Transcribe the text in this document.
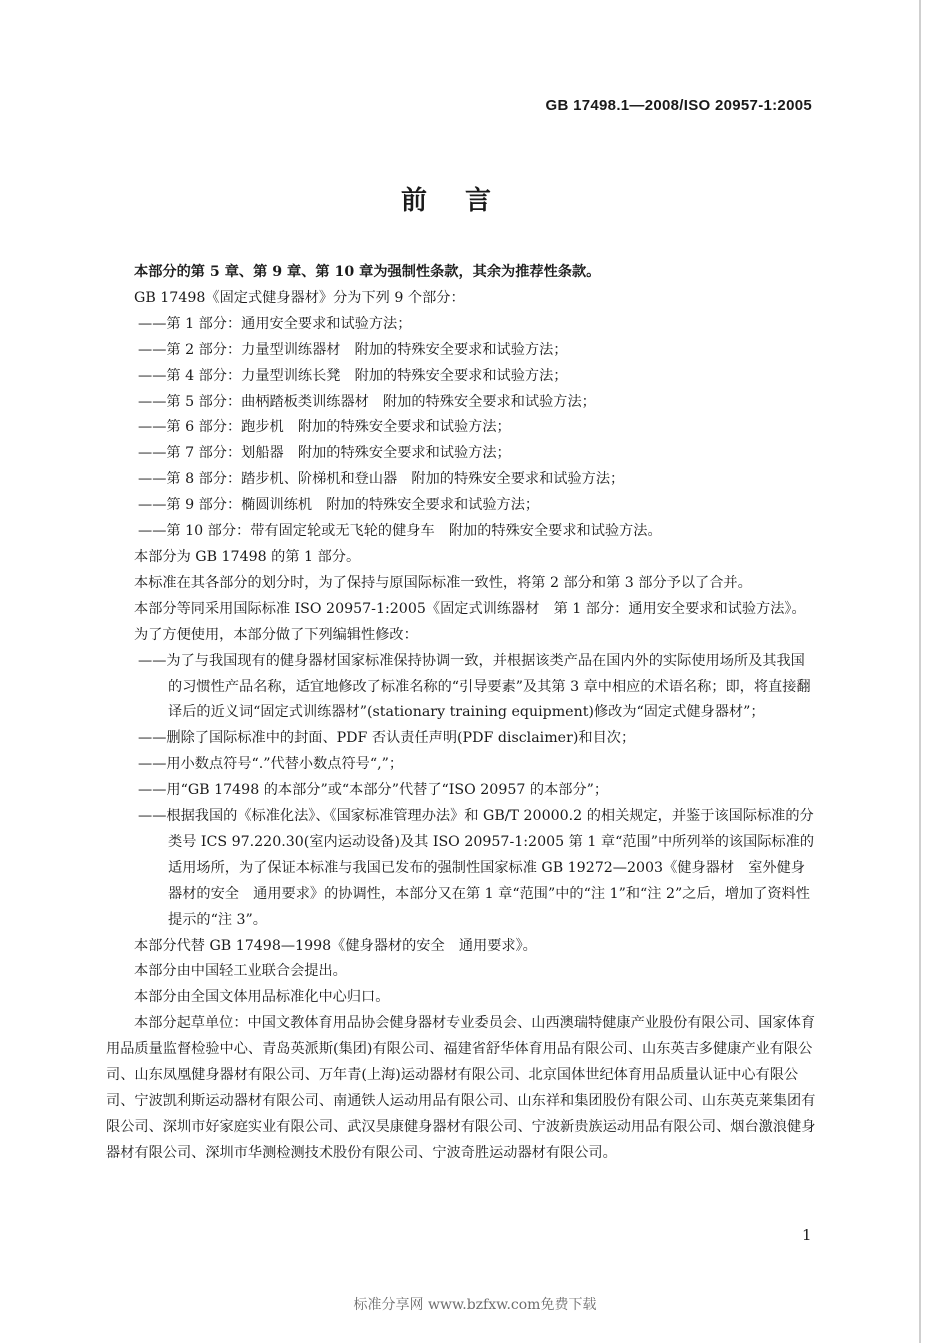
GB 17498.1—2008/ISO 20957-1:2005
前言

本部分的第 5 章、第 9 章、第 10 章为强制性条款，其余为推荐性条款。

GB 17498《固定式健身器材》分为下列 9 个部分：

——第 1 部分：通用安全要求和试验方法；

——第 2 部分：力量型训练器材　附加的特殊安全要求和试验方法；

——第 4 部分：力量型训练长凳　附加的特殊安全要求和试验方法；

——第 5 部分：曲柄踏板类训练器材　附加的特殊安全要求和试验方法；

——第 6 部分：跑步机　附加的特殊安全要求和试验方法；

——第 7 部分：划船器　附加的特殊安全要求和试验方法；

——第 8 部分：踏步机、阶梯机和登山器　附加的特殊安全要求和试验方法；

——第 9 部分：椭圆训练机　附加的特殊安全要求和试验方法；

——第 10 部分：带有固定轮或无飞轮的健身车　附加的特殊安全要求和试验方法。

本部分为 GB 17498 的第 1 部分。

本标准在其各部分的划分时，为了保持与原国际标准一致性，将第 2 部分和第 3 部分予以了合并。

本部分等同采用国际标准 ISO 20957-1:2005《固定式训练器材　第 1 部分：通用安全要求和试验方法》。

为了方便使用，本部分做了下列编辑性修改：

——为了与我国现有的健身器材国家标准保持协调一致，并根据该类产品在国内外的实际使用场所及其我国的习惯性产品名称，适宜地修改了标准名称的“引导要素”及其第 3 章中相应的术语名称；即，将直接翻译后的近义词“固定式训练器材”(stationary training equipment)修改为“固定式健身器材”；

——删除了国际标准中的封面、PDF 否认责任声明(PDF disclaimer)和目次；

——用小数点符号“.”代替小数点符号“,”；

——用“GB 17498 的本部分”或“本部分”代替了“ISO 20957 的本部分”；

——根据我国的《标准化法》、《国家标准管理办法》和 GB/T 20000.2 的相关规定，并鉴于该国际标准的分类号 ICS 97.220.30(室内运动设备)及其 ISO 20957-1:2005 第 1 章“范围”中所列举的该国际标准的适用场所，为了保证本标准与我国已发布的强制性国家标准 GB 19272—2003《健身器材　室外健身器材的安全　通用要求》的协调性，本部分又在第 1 章“范围”中的“注 1”和“注 2”之后，增加了资料性提示的“注 3”。

本部分代替 GB 17498—1998《健身器材的安全　通用要求》。

本部分由中国轻工业联合会提出。

本部分由全国文体用品标准化中心归口。

本部分起草单位：中国文教体育用品协会健身器材专业委员会、山西澳瑞特健康产业股份有限公司、国家体育用品质量监督检验中心、青岛英派斯(集团)有限公司、福建省舒华体育用品有限公司、山东英吉多健康产业有限公司、山东凤凰健身器材有限公司、万年青(上海)运动器材有限公司、北京国体世纪体育用品质量认证中心有限公司、宁波凯利斯运动器材有限公司、南通铁人运动用品有限公司、山东祥和集团股份有限公司、山东英克莱集团有限公司、深圳市好家庭实业有限公司、武汉昊康健身器材有限公司、宁波新贵族运动用品有限公司、烟台激浪健身器材有限公司、深圳市华测检测技术股份有限公司、宁波奇胜运动器材有限公司。

1
标准分享网 www.bzfxw.com免费下载
